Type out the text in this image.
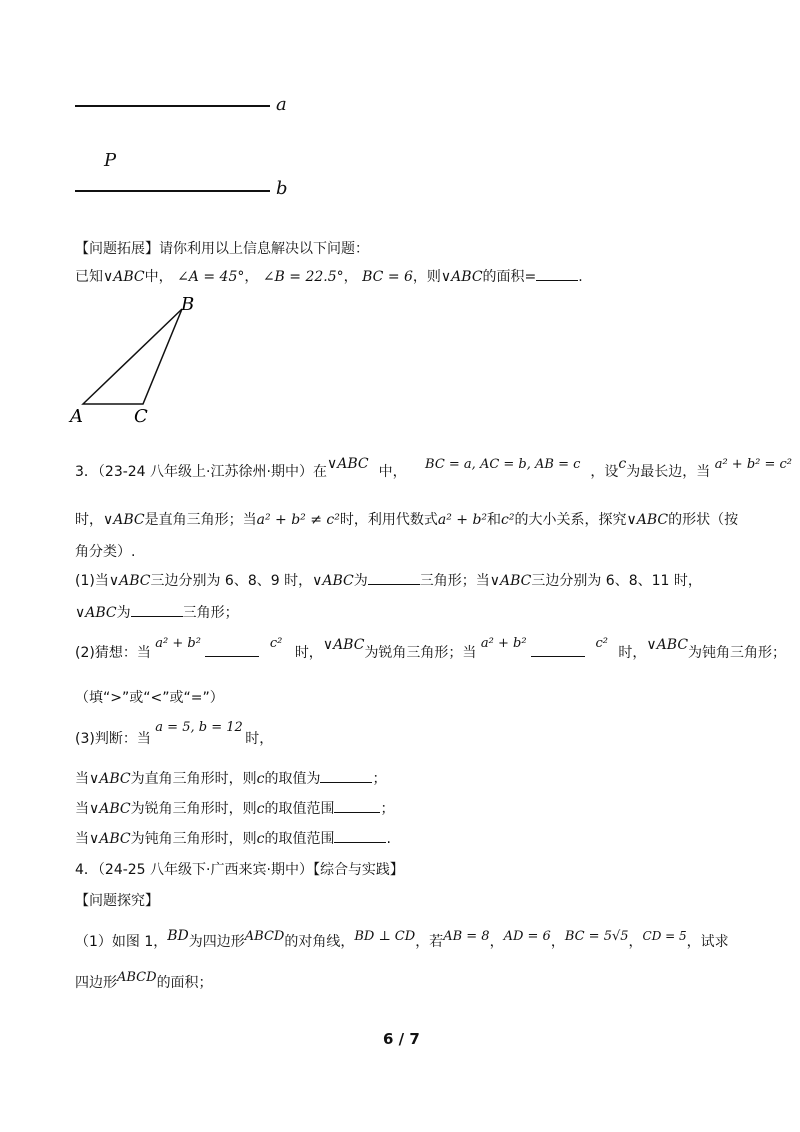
a
P
b
【问题拓展】请你利用以上信息解决以下问题：
已知∨ABC中， ∠A = 45°， ∠B = 22.5°， BC = 6，则∨ABC的面积=	.
B
A	C
3．（23-24 八年级上·江苏徐州·期中）在∨ABC 中， BC = a, AC = b, AB = c ，设c为最长边，当 a² + b² = c²
时，∨ABC是直角三角形；当a² + b² ≠ c²时，利用代数式a² + b²和c²的大小关系，探究∨ABC的形状（按
角分类）.
(1)当∨ABC三边分别为 6、8、9 时，∨ABC为	三角形；当∨ABC三边分别为 6、8、11 时，
∨ABC为	三角形；
(2)猜想：当 a² + b²	c² 时，∨ABC为锐角三角形；当 a² + b²	c² 时，∨ABC为钝角三角形；
（填“>”或“<”或“=”）
(3)判断：当 a = 5, b = 12 时，
当∨ABC为直角三角形时，则c的取值为	；
当∨ABC为锐角三角形时，则c的取值范围	；
当∨ABC为钝角三角形时，则c的取值范围	.
4．（24-25 八年级下·广西来宾·期中）【综合与实践】
【问题探究】
（1）如图 1，BD为四边形ABCD的对角线，BD ⊥ CD，若AB = 8，AD = 6，BC = 5√5，CD = 5，试求
四边形ABCD的面积；
6 / 7
